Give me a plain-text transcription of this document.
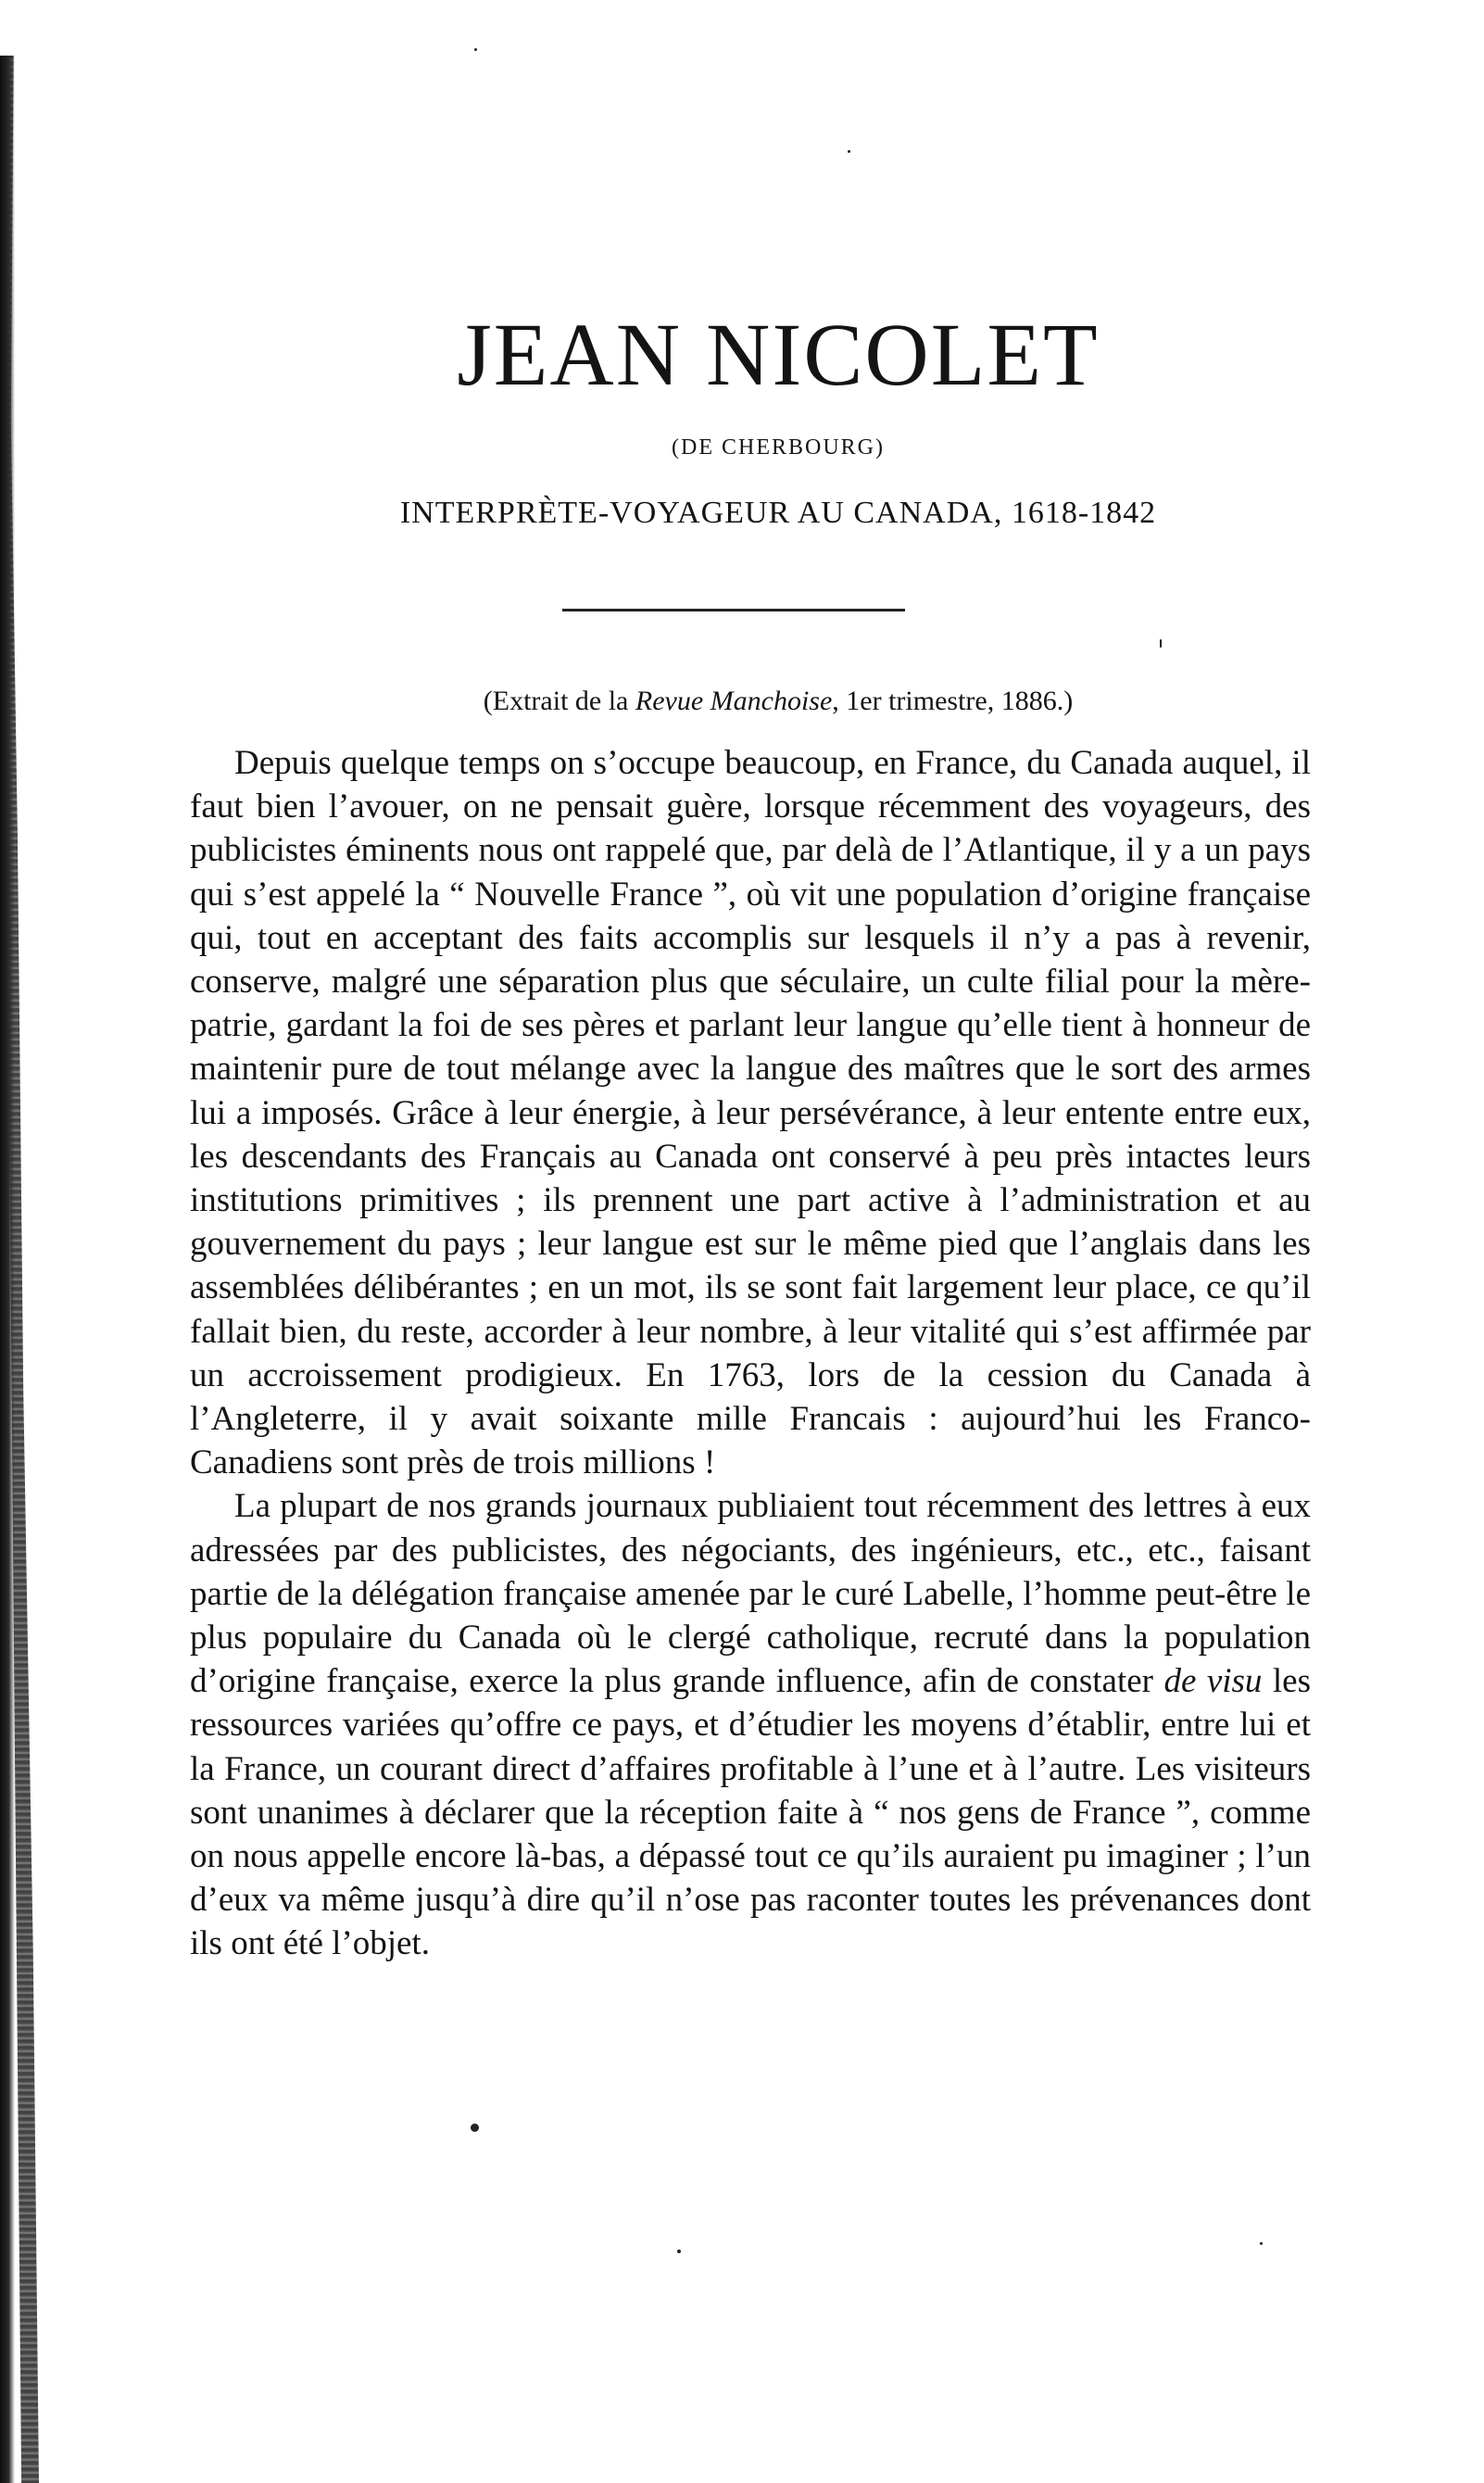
JEAN NICOLET

(DE CHERBOURG)

INTERPRÈTE-VOYAGEUR AU CANADA, 1618-1842

(Extrait de la Revue Manchoise, 1er trimestre, 1886.)

Depuis quelque temps on s’occupe beaucoup, en France, du Canada auquel, il faut bien l’avouer, on ne pensait guère, lorsque récemment des voyageurs, des publicistes éminents nous ont rappelé que, par delà de l’Atlantique, il y a un pays qui s’est appelé la “ Nouvelle France ”, où vit une population d’origine française qui, tout en acceptant des faits accomplis sur lesquels il n’y a pas à revenir, conserve, malgré une séparation plus que séculaire, un culte filial pour la mère-patrie, gardant la foi de ses pères et parlant leur langue qu’elle tient à honneur de maintenir pure de tout mélange avec la langue des maîtres que le sort des armes lui a imposés. Grâce à leur énergie, à leur persévérance, à leur entente entre eux, les descendants des Français au Canada ont conservé à peu près intactes leurs institutions primitives ; ils prennent une part active à l’administration et au gouvernement du pays ; leur langue est sur le même pied que l’anglais dans les assemblées délibérantes ; en un mot, ils se sont fait largement leur place, ce qu’il fallait bien, du reste, accorder à leur nombre, à leur vitalité qui s’est affirmée par un accroissement prodigieux. En 1763, lors de la cession du Canada à l’Angleterre, il y avait soixante mille Francais : aujourd’hui les Franco-Canadiens sont près de trois millions !

La plupart de nos grands journaux publiaient tout récemment des lettres à eux adressées par des publicistes, des négociants, des ingénieurs, etc., etc., faisant partie de la délégation française amenée par le curé Labelle, l’homme peut-être le plus populaire du Canada où le clergé catholique, recruté dans la population d’origine française, exerce la plus grande influence, afin de constater de visu les ressources variées qu’offre ce pays, et d’étudier les moyens d’établir, entre lui et la France, un courant direct d’affaires profitable à l’une et à l’autre. Les visiteurs sont unanimes à déclarer que la réception faite à “ nos gens de France ”, comme on nous appelle encore là-bas, a dépassé tout ce qu’ils auraient pu imaginer ; l’un d’eux va même jusqu’à dire qu’il n’ose pas raconter toutes les prévenances dont ils ont été l’objet.
